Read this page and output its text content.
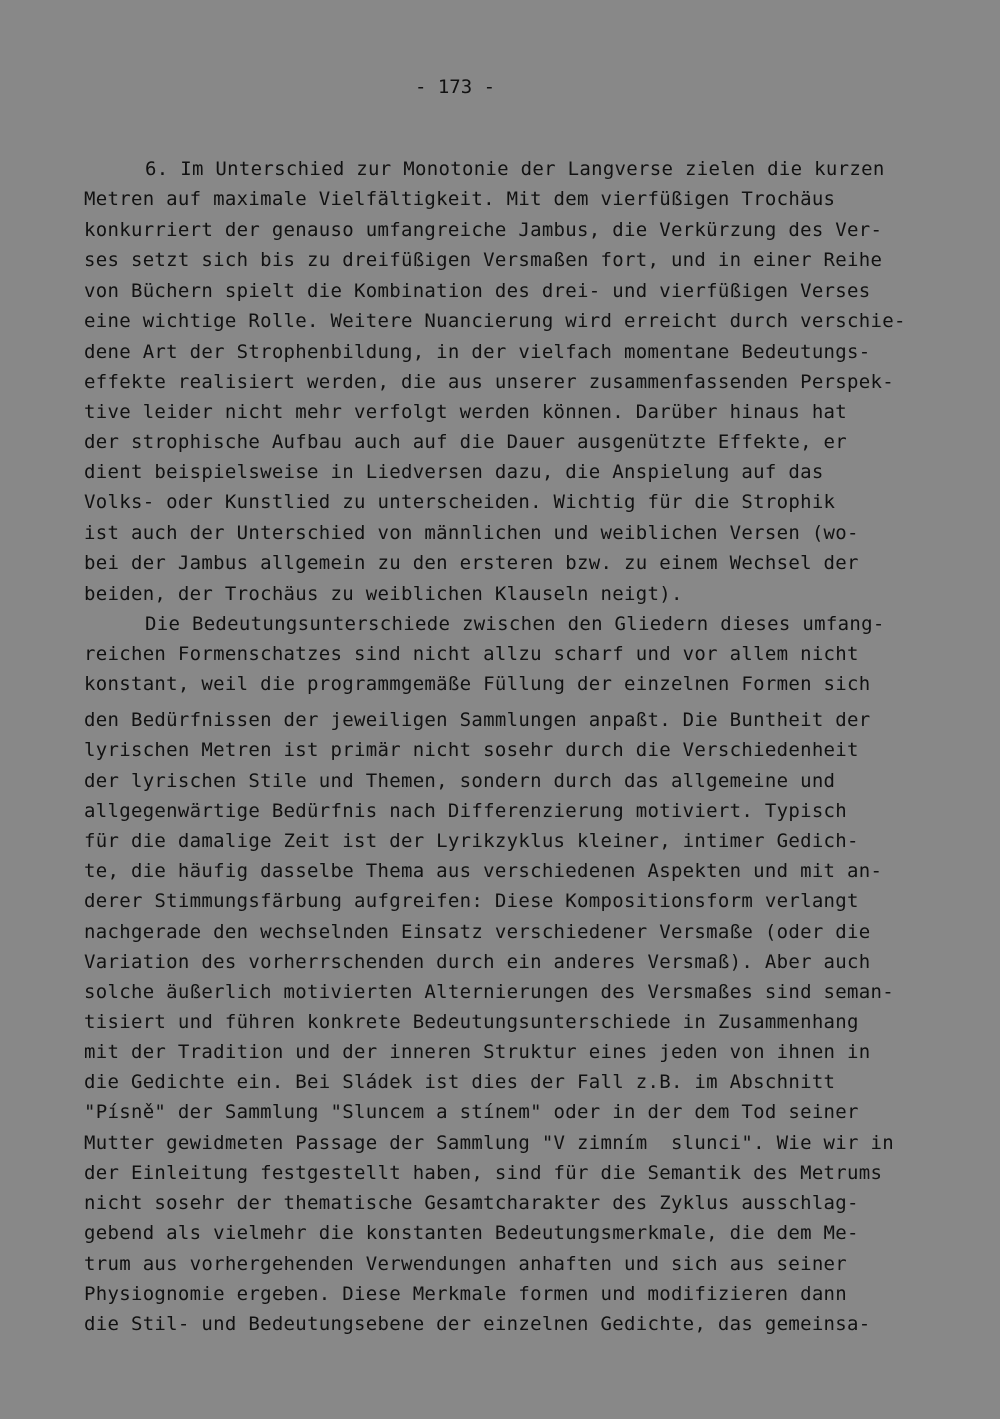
- 173 -
6. Im Unterschied zur Monotonie der Langverse zielen die kurzen
Metren auf maximale Vielfältigkeit. Mit dem vierfüßigen Trochäus
konkurriert der genauso umfangreiche Jambus, die Verkürzung des Ver-
ses setzt sich bis zu dreifüßigen Versmaßen fort, und in einer Reihe
von Büchern spielt die Kombination des drei- und vierfüßigen Verses
eine wichtige Rolle. Weitere Nuancierung wird erreicht durch verschie-
dene Art der Strophenbildung, in der vielfach momentane Bedeutungs-
effekte realisiert werden, die aus unserer zusammenfassenden Perspek-
tive leider nicht mehr verfolgt werden können. Darüber hinaus hat
der strophische Aufbau auch auf die Dauer ausgenützte Effekte, er
dient beispielsweise in Liedversen dazu, die Anspielung auf das
Volks- oder Kunstlied zu unterscheiden. Wichtig für die Strophik
ist auch der Unterschied von männlichen und weiblichen Versen (wo-
bei der Jambus allgemein zu den ersteren bzw. zu einem Wechsel der
beiden, der Trochäus zu weiblichen Klauseln neigt).
Die Bedeutungsunterschiede zwischen den Gliedern dieses umfang-
reichen Formenschatzes sind nicht allzu scharf und vor allem nicht
konstant, weil die programmgemäße Füllung der einzelnen Formen sich
den Bedürfnissen der jeweiligen Sammlungen anpaßt. Die Buntheit der
lyrischen Metren ist primär nicht sosehr durch die Verschiedenheit
der lyrischen Stile und Themen, sondern durch das allgemeine und
allgegenwärtige Bedürfnis nach Differenzierung motiviert. Typisch
für die damalige Zeit ist der Lyrikzyklus kleiner, intimer Gedich-
te, die häufig dasselbe Thema aus verschiedenen Aspekten und mit an-
derer Stimmungsfärbung aufgreifen: Diese Kompositionsform verlangt
nachgerade den wechselnden Einsatz verschiedener Versmaße (oder die
Variation des vorherrschenden durch ein anderes Versmaß). Aber auch
solche äußerlich motivierten Alternierungen des Versmaßes sind seman-
tisiert und führen konkrete Bedeutungsunterschiede in Zusammenhang
mit der Tradition und der inneren Struktur eines jeden von ihnen in
die Gedichte ein. Bei Sládek ist dies der Fall z.B. im Abschnitt
"Písně" der Sammlung "Sluncem a stínem" oder in der dem Tod seiner
Mutter gewidmeten Passage der Sammlung "V zimním  slunci". Wie wir in
der Einleitung festgestellt haben, sind für die Semantik des Metrums
nicht sosehr der thematische Gesamtcharakter des Zyklus ausschlag-
gebend als vielmehr die konstanten Bedeutungsmerkmale, die dem Me-
trum aus vorhergehenden Verwendungen anhaften und sich aus seiner
Physiognomie ergeben. Diese Merkmale formen und modifizieren dann
die Stil- und Bedeutungsebene der einzelnen Gedichte, das gemeinsa-
